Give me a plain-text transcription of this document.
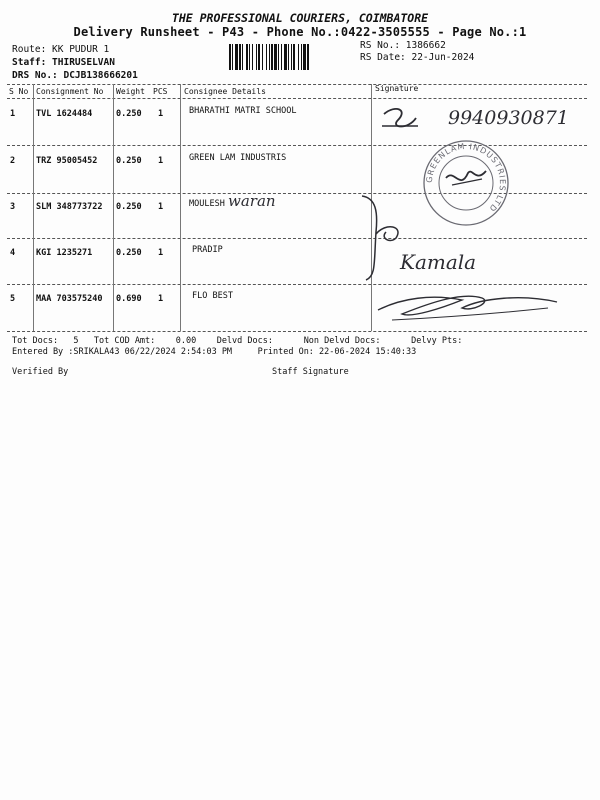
THE PROFESSIONAL COURIERS, COIMBATORE
Delivery Runsheet - P43 - Phone No.:0422-3505555 - Page No.:1
Route: KK PUDUR 1
Staff: THIRUSELVAN
DRS No.: DCJB138666201
RS No.: 1386662
RS Date: 22-Jun-2024
S No Consignment No Weight PCS Consignee Details	Signature
1 TVL 1624484	0.250 1	BHARATHI MATRI SCHOOL
2 TRZ 95005452 0.250 1	GREEN LAM INDUSTRIS
3 SLM 348773722 0.250 1	MOULESH
4 KGI 1235271	0.250 1	PRADIP
5 MAA 703575240 0.690 1	FLO BEST
9940930871
GREENLAM INDUSTRIES LTD
waran
Kamala
Tot Docs:   5   Tot COD Amt:    0.00    Delvd Docs:      Non Delvd Docs:      Delvy Pts:
Entered By :SRIKALA43 06/22/2024 2:54:03 PM     Printed On: 22-06-2024 15:40:33
Verified By	Staff Signature
